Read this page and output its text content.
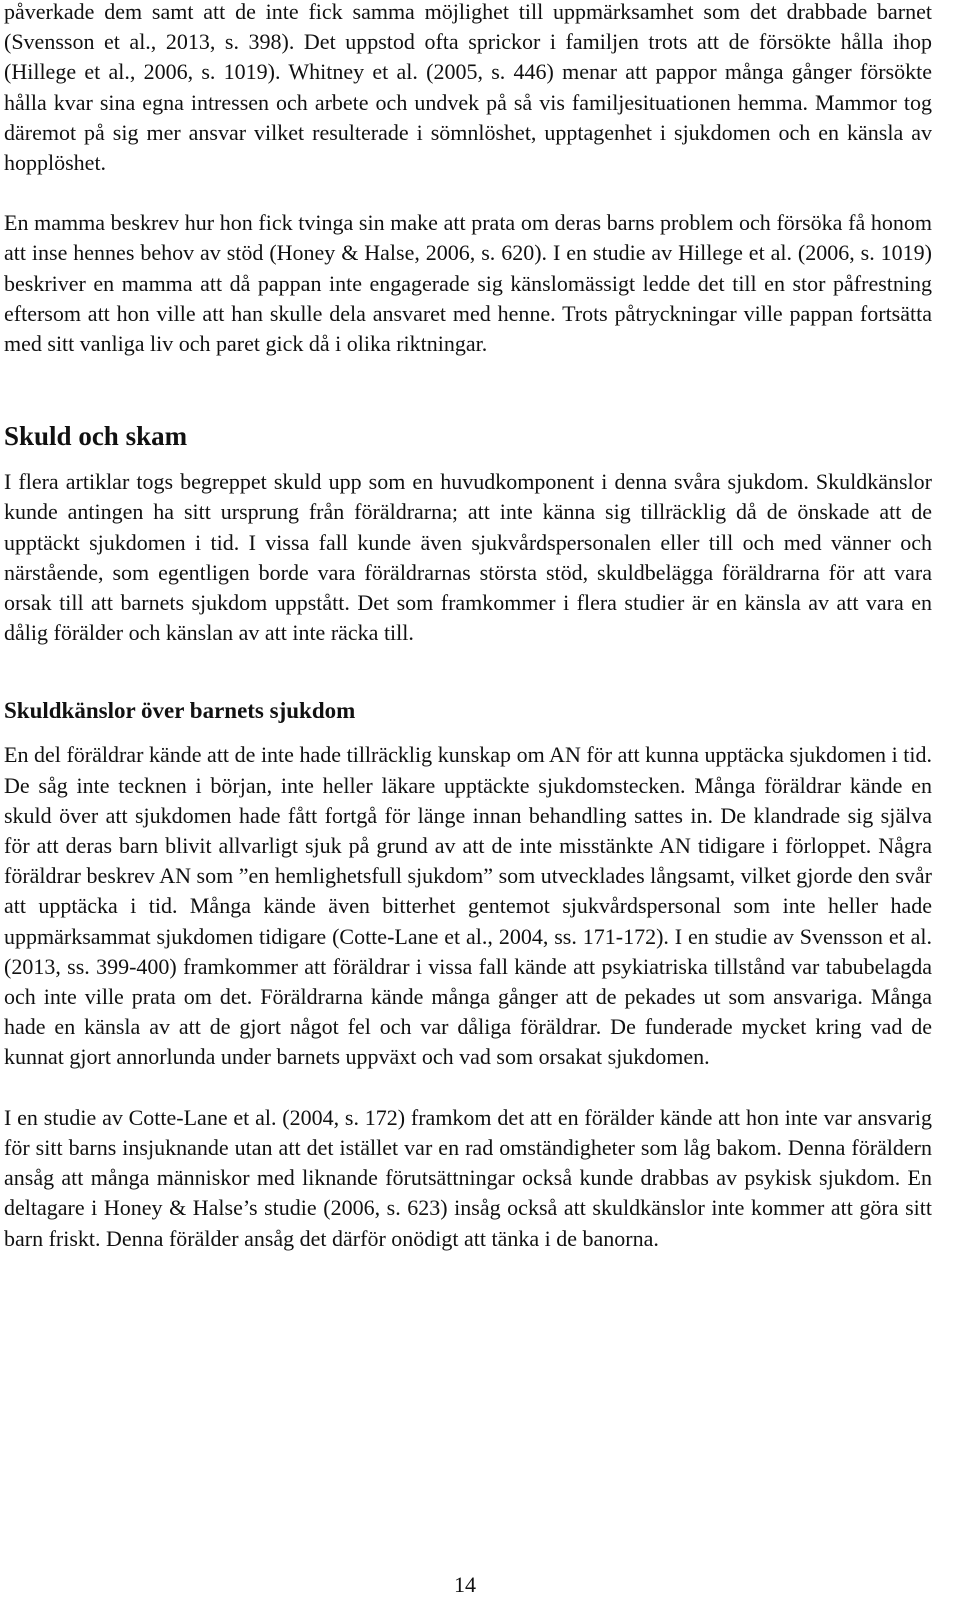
påverkade dem samt att de inte fick samma möjlighet till uppmärksamhet som det drabbade barnet (Svensson et al., 2013, s. 398). Det uppstod ofta sprickor i familjen trots att de försökte hålla ihop (Hillege et al., 2006, s. 1019). Whitney et al. (2005, s. 446) menar att pappor många gånger försökte hålla kvar sina egna intressen och arbete och undvek på så vis familjesituationen hemma. Mammor tog däremot på sig mer ansvar vilket resulterade i sömnlöshet, upptagenhet i sjukdomen och en känsla av hopplöshet.

En mamma beskrev hur hon fick tvinga sin make att prata om deras barns problem och försöka få honom att inse hennes behov av stöd (Honey & Halse, 2006, s. 620). I en studie av Hillege et al. (2006, s. 1019) beskriver en mamma att då pappan inte engagerade sig känslomässigt ledde det till en stor påfrestning eftersom att hon ville att han skulle dela ansvaret med henne. Trots påtryckningar ville pappan fortsätta med sitt vanliga liv och paret gick då i olika riktningar.

Skuld och skam

I flera artiklar togs begreppet skuld upp som en huvudkomponent i denna svåra sjukdom. Skuldkänslor kunde antingen ha sitt ursprung från föräldrarna; att inte känna sig tillräcklig då de önskade att de upptäckt sjukdomen i tid. I vissa fall kunde även sjukvårdspersonalen eller till och med vänner och närstående, som egentligen borde vara föräldrarnas största stöd, skuldbelägga föräldrarna för att vara orsak till att barnets sjukdom uppstått. Det som framkommer i flera studier är en känsla av att vara en dålig förälder och känslan av att inte räcka till.

Skuldkänslor över barnets sjukdom

En del föräldrar kände att de inte hade tillräcklig kunskap om AN för att kunna upptäcka sjukdomen i tid. De såg inte tecknen i början, inte heller läkare upptäckte sjukdomstecken. Många föräldrar kände en skuld över att sjukdomen hade fått fortgå för länge innan behandling sattes in. De klandrade sig själva för att deras barn blivit allvarligt sjuk på grund av att de inte misstänkte AN tidigare i förloppet. Några föräldrar beskrev AN som ”en hemlighetsfull sjukdom” som utvecklades långsamt, vilket gjorde den svår att upptäcka i tid. Många kände även bitterhet gentemot sjukvårdspersonal som inte heller hade uppmärksammat sjukdomen tidigare (Cotte-Lane et al., 2004, ss. 171-172). I en studie av Svensson et al. (2013, ss. 399-400) framkommer att föräldrar i vissa fall kände att psykiatriska tillstånd var tabubelagda och inte ville prata om det. Föräldrarna kände många gånger att de pekades ut som ansvariga. Många hade en känsla av att de gjort något fel och var dåliga föräldrar. De funderade mycket kring vad de kunnat gjort annorlunda under barnets uppväxt och vad som orsakat sjukdomen.

I en studie av Cotte-Lane et al. (2004, s. 172) framkom det att en förälder kände att hon inte var ansvarig för sitt barns insjuknande utan att det istället var en rad omständigheter som låg bakom. Denna föräldern ansåg att många människor med liknande förutsättningar också kunde drabbas av psykisk sjukdom. En deltagare i Honey & Halse’s studie (2006, s. 623) insåg också att skuldkänslor inte kommer att göra sitt barn friskt. Denna förälder ansåg det därför onödigt att tänka i de banorna.

14
